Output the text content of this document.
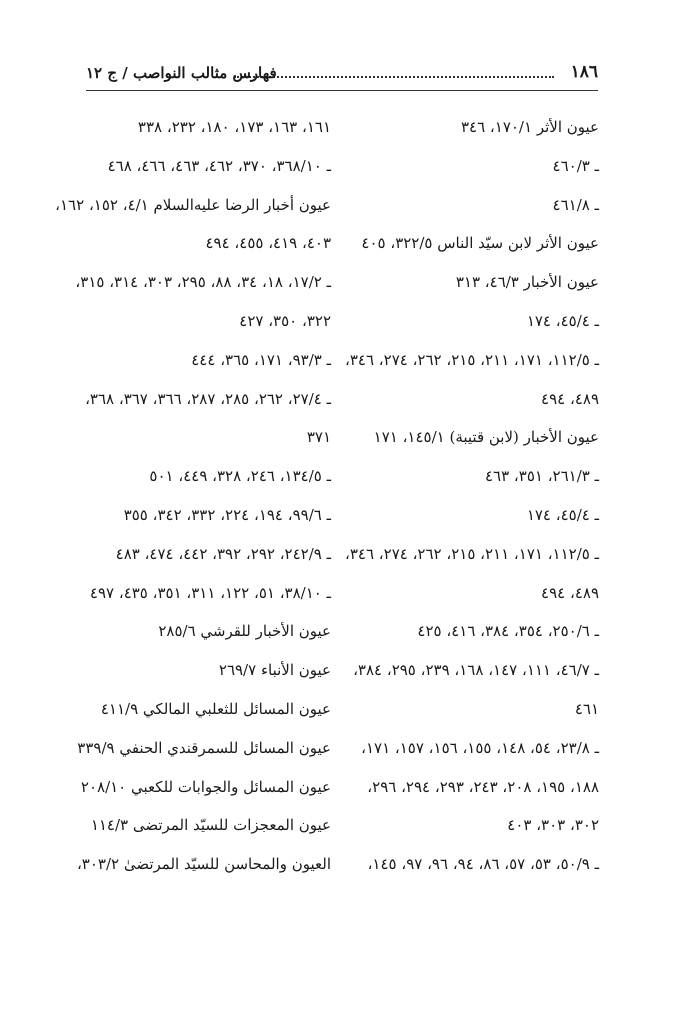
١٨٦
فهارس مثالب النواصب / ج ١٢
عيون الأثر ١٧٠/١، ٣٤٦
ـ ٤٦٠/٣
ـ ٤٦١/٨
عيون الأثر لابن سيّد الناس ٣٢٢/٥، ٤٠٥
عيون الأخبار ٤٦/٣، ٣١٣
ـ ٤٥/٤، ١٧٤
ـ ١١٢/٥، ١٧١، ٢١١، ٢١٥، ٢٦٢، ٢٧٤، ٣٤٦،
٤٨٩، ٤٩٤
عيون الأخبار (لابن قتيبة) ١٤٥/١، ١٧١
ـ ٢٦١/٣، ٣٥١، ٤٦٣
ـ ٤٥/٤، ١٧٤
ـ ١١٢/٥، ١٧١، ٢١١، ٢١٥، ٢٦٢، ٢٧٤، ٣٤٦،
٤٨٩، ٤٩٤
ـ ٢٥٠/٦، ٣٥٤، ٣٨٤، ٤١٦، ٤٢٥
ـ ٤٦/٧، ١١١، ١٤٧، ١٦٨، ٢٣٩، ٢٩٥، ٣٨٤،
٤٦١
ـ ٢٣/٨، ٥٤، ١٤٨، ١٥٥، ١٥٦، ١٥٧، ١٧١،
١٨٨، ١٩٥، ٢٠٨، ٢٤٣، ٢٩٣، ٢٩٤، ٢٩٦،
٣٠٢، ٣٠٣، ٤٠٣
ـ ٥٠/٩، ٥٣، ٥٧، ٨٦، ٩٤، ٩٦، ٩٧، ١٤٥،
١٦١، ١٦٣، ١٧٣، ١٨٠، ٢٣٢، ٣٣٨
ـ ٣٦٨/١٠، ٣٧٠، ٤٦٢، ٤٦٣، ٤٦٦، ٤٦٨
عيون أخبار الرضا عليه‌السلام ٤/١، ١٥٢، ١٦٢،
٤٠٣، ٤١٩، ٤٥٥، ٤٩٤
ـ ١٧/٢، ١٨، ٣٤، ٨٨، ٢٩٥، ٣٠٣، ٣١٤، ٣١٥،
٣٢٢، ٣٥٠، ٤٢٧
ـ ٩٣/٣، ١٧١، ٣٦٥، ٤٤٤
ـ ٢٧/٤، ٢٦٢، ٢٨٥، ٢٨٧، ٣٦٦، ٣٦٧، ٣٦٨،
٣٧١
ـ ١٣٤/٥، ٢٤٦، ٣٢٨، ٤٤٩، ٥٠١
ـ ٩٩/٦، ١٩٤، ٢٢٤، ٣٣٢، ٣٤٢، ٣٥٥
ـ ٢٤٢/٩، ٢٩٢، ٣٩٢، ٤٤٢، ٤٧٤، ٤٨٣
ـ ٣٨/١٠، ٥١، ١٢٢، ٣١١، ٣٥١، ٤٣٥، ٤٩٧
عيون الأخبار للقرشي ٢٨٥/٦
عيون الأنباء ٢٦٩/٧
عيون المسائل للثعلبي المالكي ٤١١/٩
عيون المسائل للسمرقندي الحنفي ٣٣٩/٩
عيون المسائل والجوابات للكعبي ٢٠٨/١٠
عيون المعجزات للسيّد المرتضى ١١٤/٣
العيون والمحاسن للسيّد المرتضىٰ ٣٠٣/٢،
